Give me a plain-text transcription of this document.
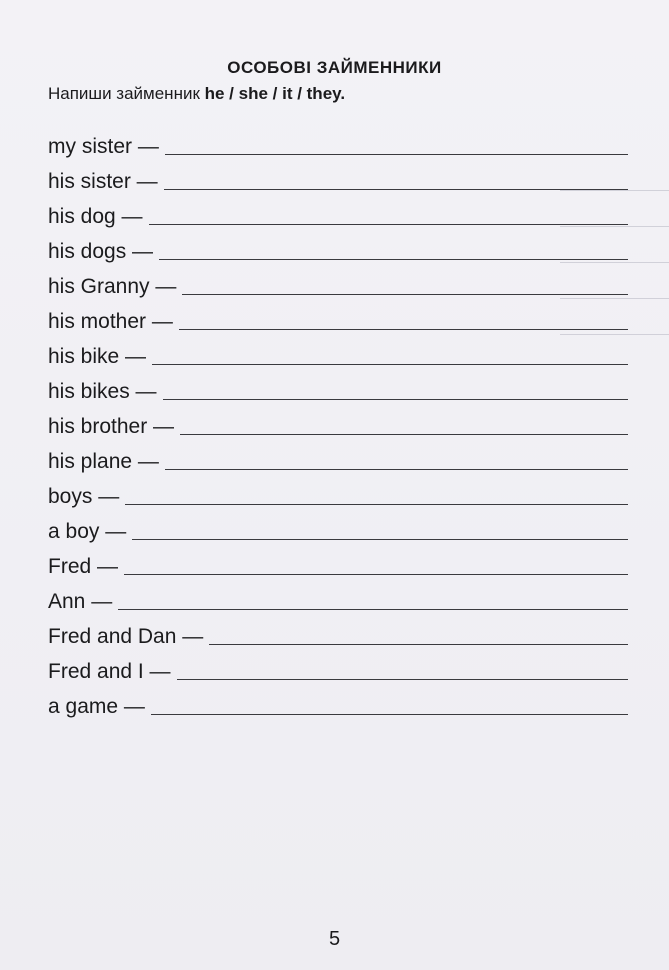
ОСОБОВІ ЗАЙМЕННИКИ
Напиши займенник he / she / it / they.
my sister —
his sister —
his dog —
his dogs —
his Granny —
his mother —
his bike —
his bikes —
his brother —
his plane —
boys —
a boy —
Fred —
Ann —
Fred and Dan —
Fred and I —
a game —
5
